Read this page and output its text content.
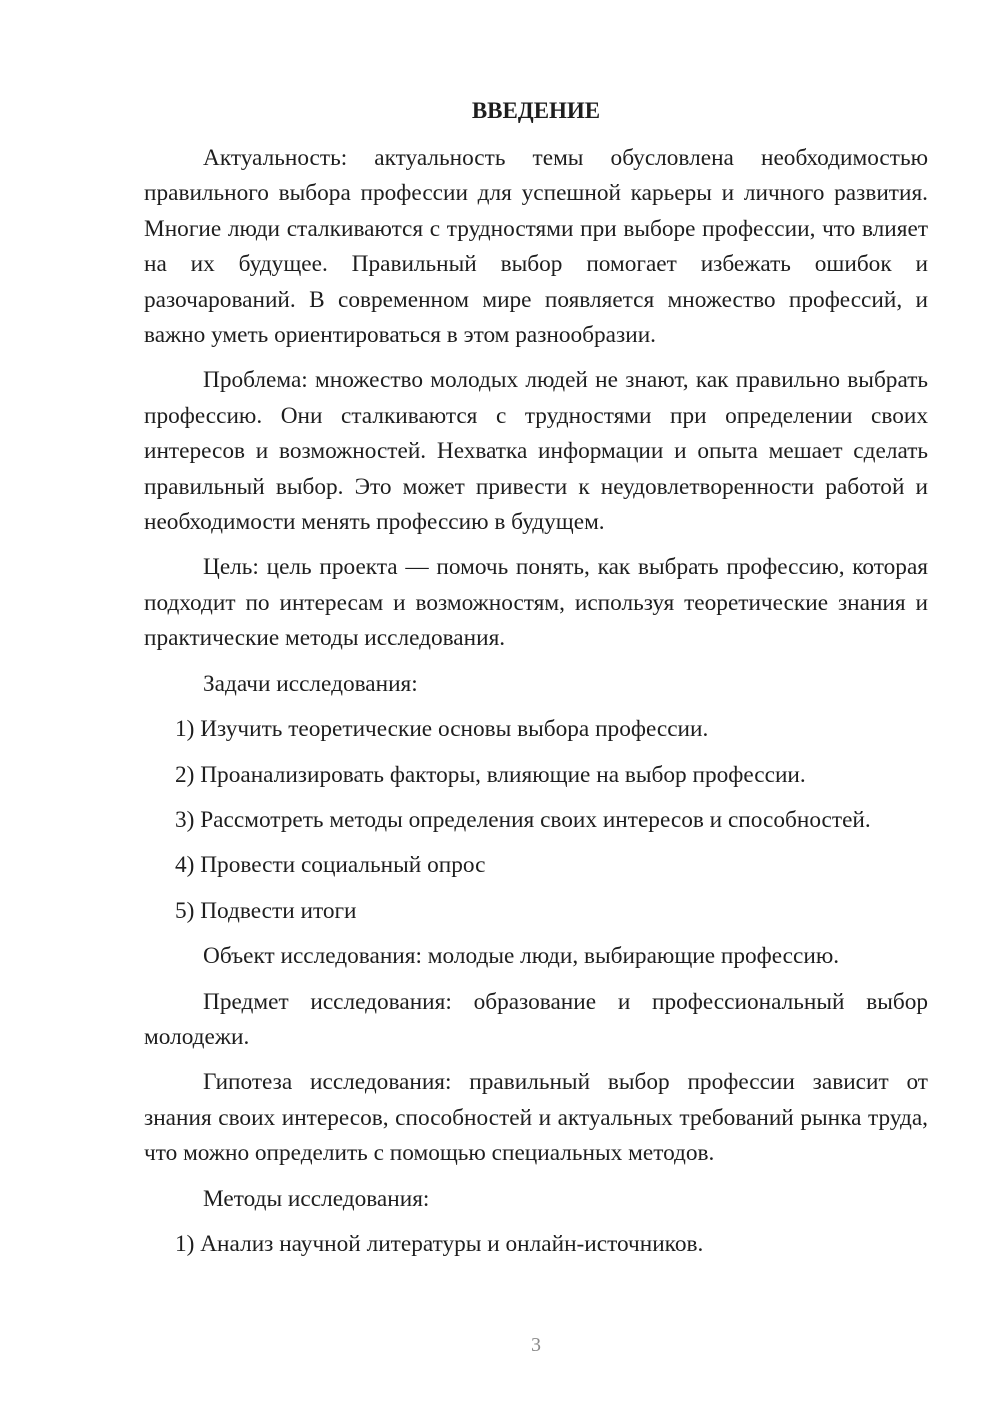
ВВЕДЕНИЕ

Актуальность: актуальность темы обусловлена необходимостью правильного выбора профессии для успешной карьеры и личного развития. Многие люди сталкиваются с трудностями при выборе профессии, что влияет на их будущее. Правильный выбор помогает избежать ошибок и разочарований. В современном мире появляется множество профессий, и важно уметь ориентироваться в этом разнообразии.

Проблема: множество молодых людей не знают, как правильно выбрать профессию. Они сталкиваются с трудностями при определении своих интересов и возможностей. Нехватка информации и опыта мешает сделать правильный выбор. Это может привести к неудовлетворенности работой и необходимости менять профессию в будущем.

Цель: цель проекта — помочь понять, как выбрать профессию, которая подходит по интересам и возможностям, используя теоретические знания и практические методы исследования.

Задачи исследования:

1) Изучить теоретические основы выбора профессии.

2) Проанализировать факторы, влияющие на выбор профессии.

3) Рассмотреть методы определения своих интересов и способностей.

4) Провести социальный опрос

5) Подвести итоги

Объект исследования: молодые люди, выбирающие профессию.

Предмет исследования: образование и профессиональный выбор молодежи.

Гипотеза исследования: правильный выбор профессии зависит от знания своих интересов, способностей и актуальных требований рынка труда, что можно определить с помощью специальных методов.

Методы исследования:

1) Анализ научной литературы и онлайн-источников.

3
